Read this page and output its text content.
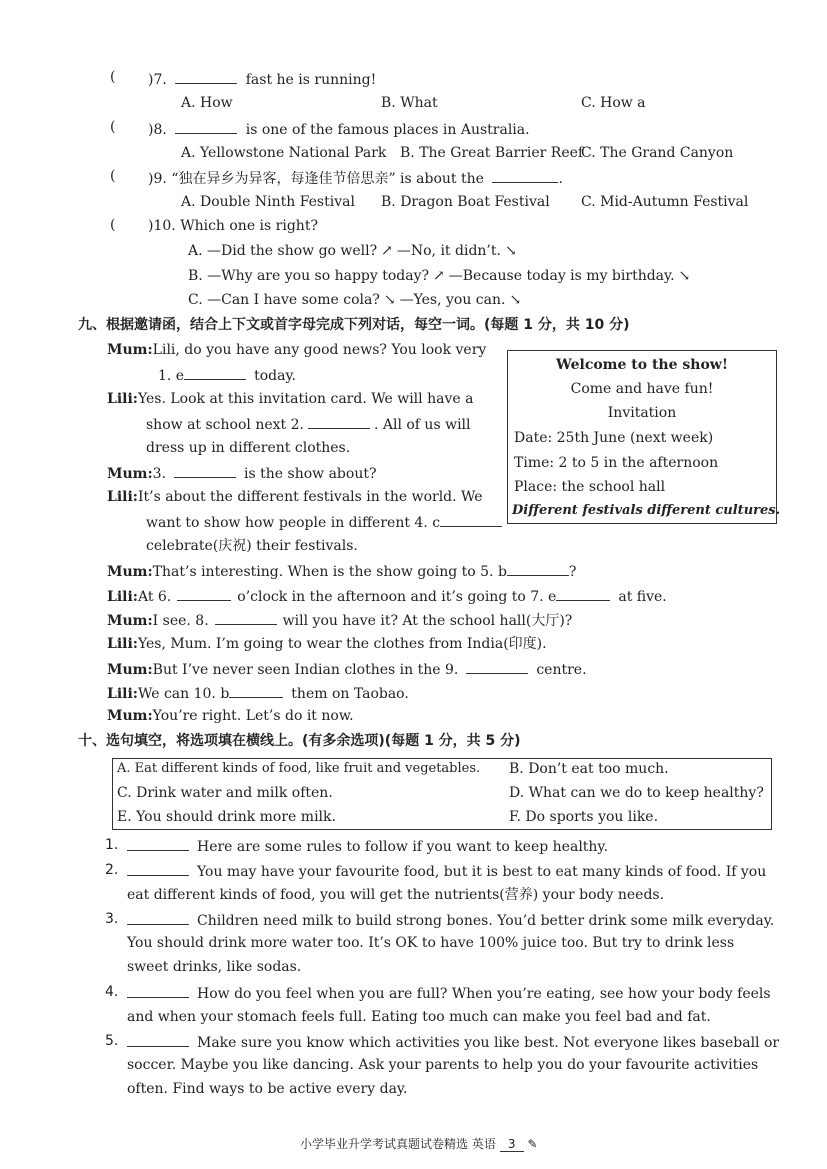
( )7.	fast he is running!
A. How	B. What	C. How a
( )8.	is one of the famous places in Australia.
A. Yellowstone National Park B. The Great Barrier Reef
C. The Grand Canyon
( )9. “独在异乡为异客，每逢佳节倍思亲” is about the	.
A. Double Ninth Festival B. Dragon Boat Festival C. Mid-Autumn Festival
( )10. Which one is right?
A. —Did the show go well? ↗ —No, it didn’t. ↘
B. —Why are you so happy today? ↗ —Because today is my birthday. ↘
C. —Can I have some cola? ↘ —Yes, you can. ↘
九、根据邀请函，结合上下文或首字母完成下列对话，每空一词。(每题 1 分，共 10 分)
Mum:Lili, do you have any good news? You look very
1. e	today.
Lili:Yes. Look at this invitation card. We will have a
show at school next 2.	. All of us will
dress up in different clothes.
Mum:3.	is the show about?
Lili:It’s about the different festivals in the world. We
want to show how people in different 4. c
celebrate(庆祝) their festivals.
Mum:That’s interesting. When is the show going to 5. b	?
Lili:At 6.	o’clock in the afternoon and it’s going to 7. e	at five.
Mum:I see. 8.	will you have it? At the school hall(大厅)?
Lili:Yes, Mum. I’m going to wear the clothes from India(印度).
Mum:But I’ve never seen Indian clothes in the 9.	centre.
Lili:We can 10. b	them on Taobao.
Mum:You’re right. Let’s do it now.
Welcome to the show!
Come and have fun!
Invitation
Date: 25th June (next week)
Time: 2 to 5 in the afternoon
Place: the school hall
Different festivals different cultures.
十、选句填空，将选项填在横线上。(有多余选项)(每题 1 分，共 5 分)
A. Eat different kinds of food, like fruit and vegetables. B. Don’t eat too much.
C. Drink water and milk often.	D. What can we do to keep healthy?
E. You should drink more milk.	F. Do sports you like.
1.	Here are some rules to follow if you want to keep healthy.
2.	You may have your favourite food, but it is best to eat many kinds of food. If you
eat different kinds of food, you will get the nutrients(营养) your body needs.
3.	Children need milk to build strong bones. You’d better drink some milk everyday.
You should drink more water too. It’s OK to have 100% juice too. But try to drink less
sweet drinks, like sodas.
4.	How do you feel when you are full? When you’re eating, see how your body feels
and when your stomach feels full. Eating too much can make you feel bad and fat.
5.	Make sure you know which activities you like best. Not everyone likes baseball or
soccer. Maybe you like dancing. Ask your parents to help you do your favourite activities
often. Find ways to be active every day.
小学毕业升学考试真题试卷精选 英语 3 ✎
